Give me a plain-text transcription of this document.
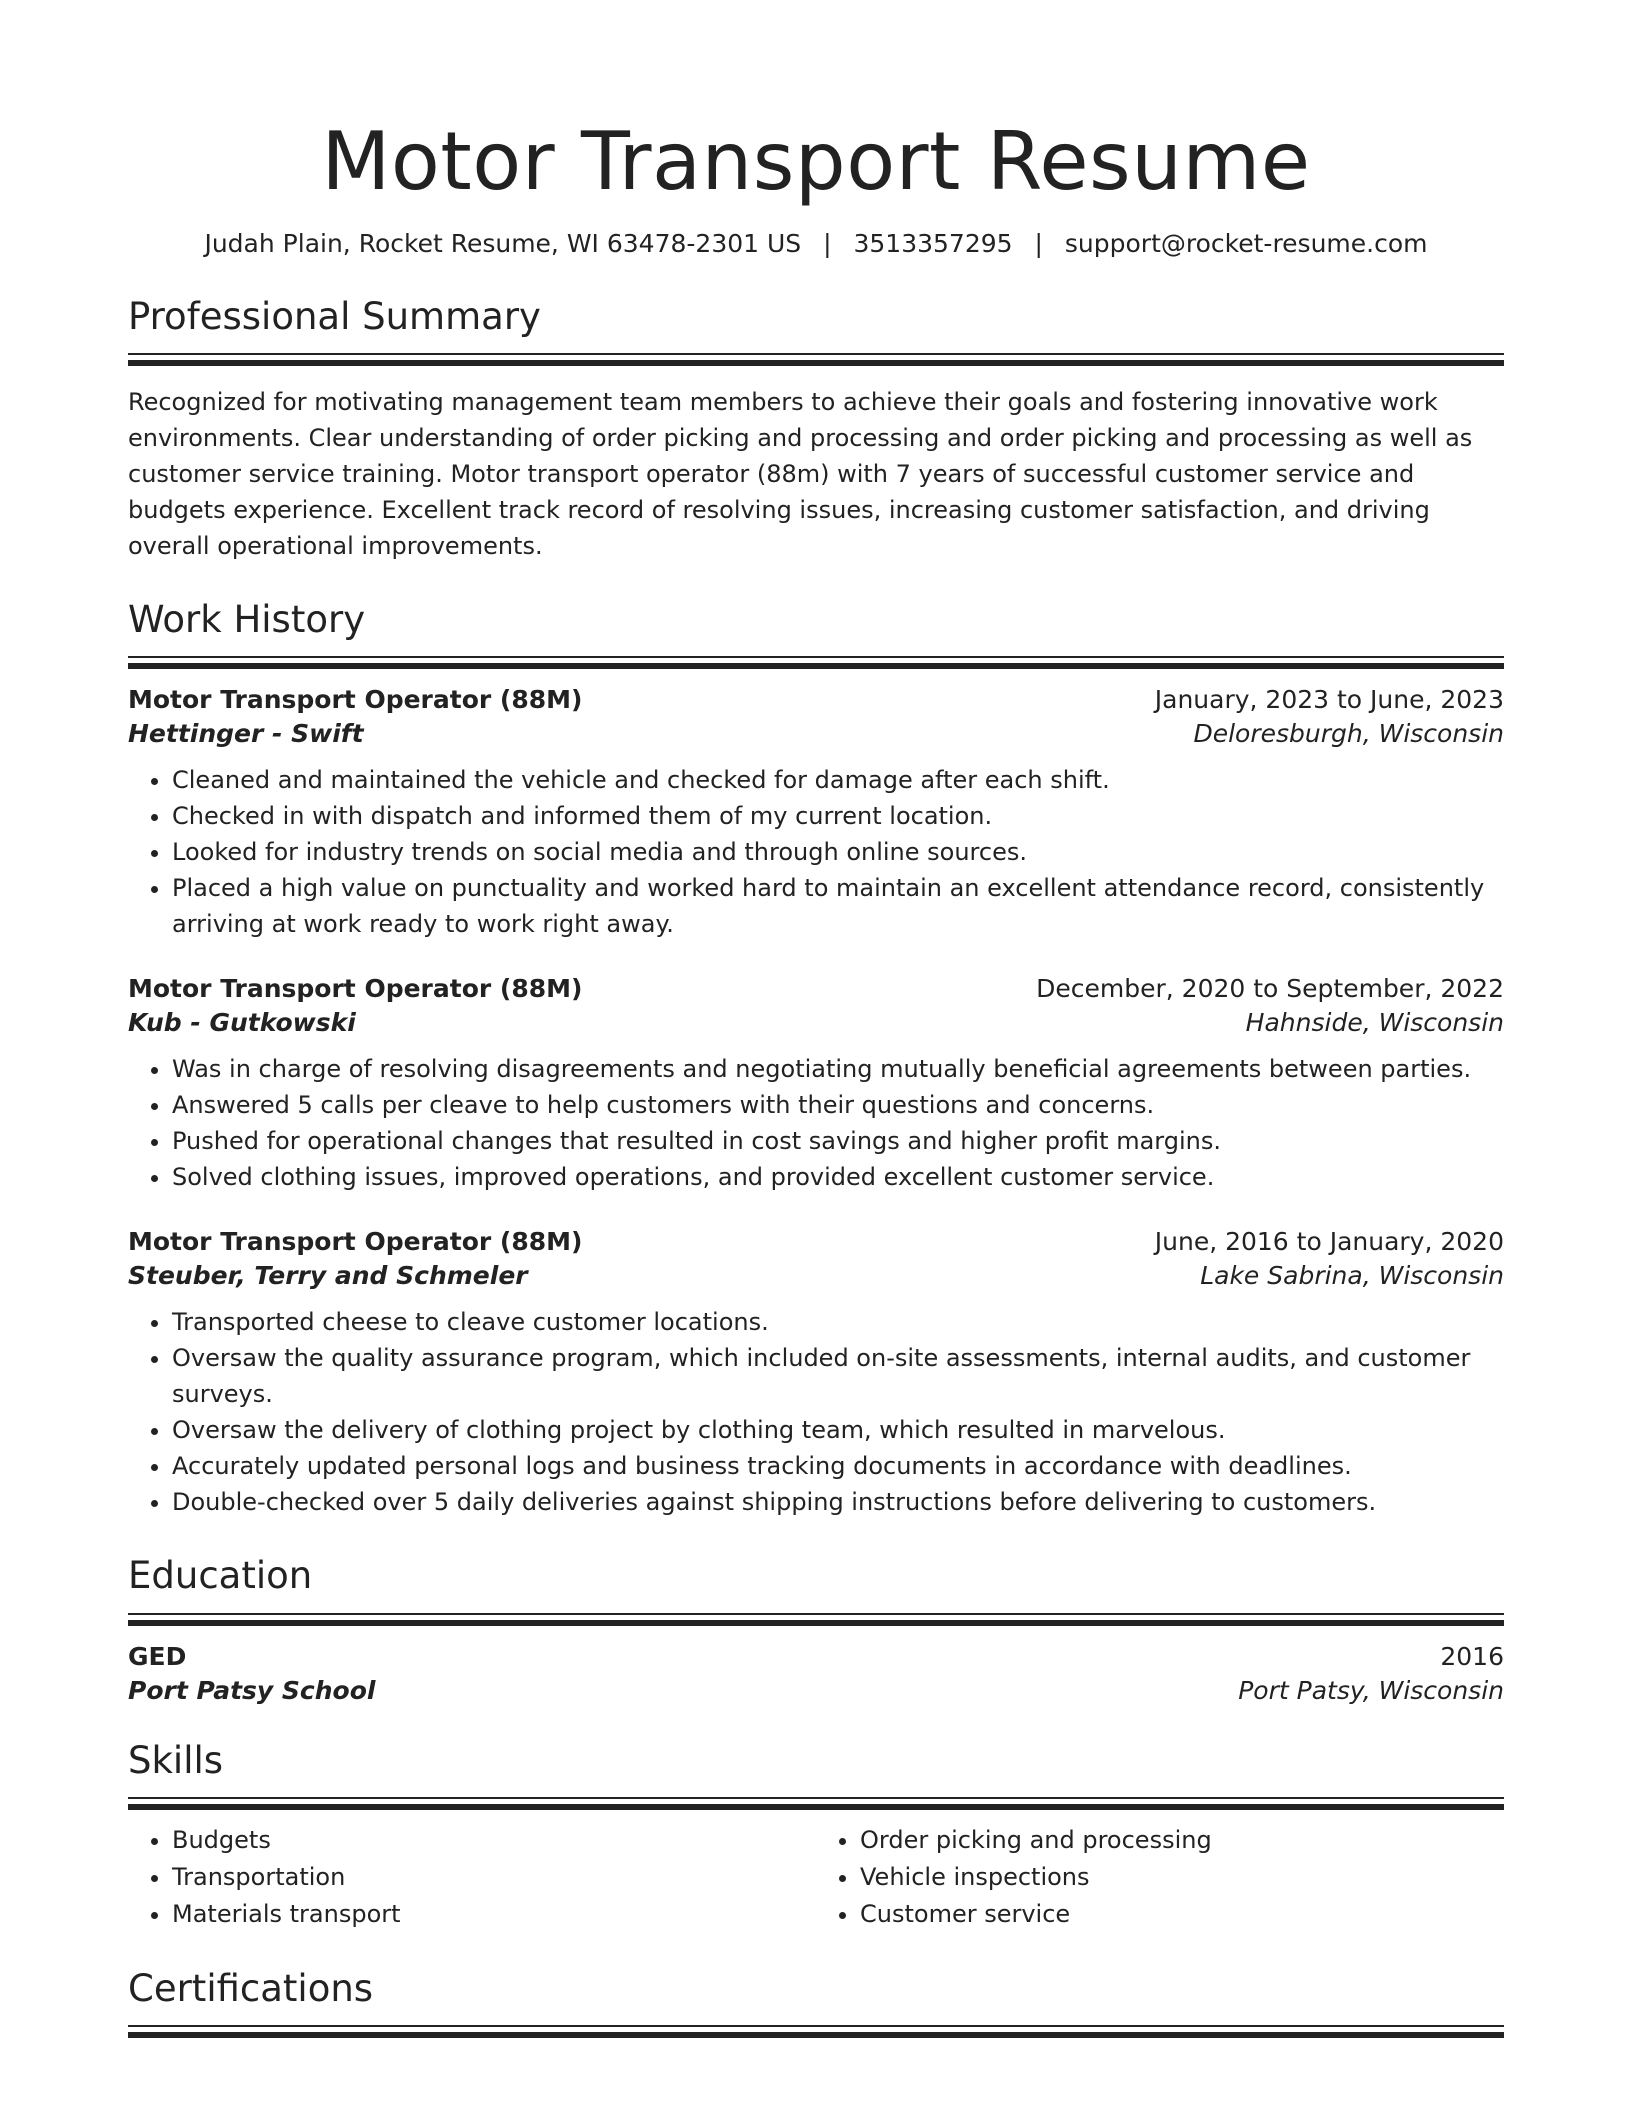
Motor Transport Resume
Judah Plain, Rocket Resume, WI 63478-2301 US | 3513357295 | support@rocket-resume.com
Professional Summary
Recognized for motivating management team members to achieve their goals and fostering innovative work environments. Clear understanding of order picking and processing and order picking and processing as well as customer service training. Motor transport operator (88m) with 7 years of successful customer service and budgets experience. Excellent track record of resolving issues, increasing customer satisfaction, and driving overall operational improvements.
Work History
Motor Transport Operator (88M)	January, 2023 to June, 2023
Hettinger - Swift	Deloresburgh, Wisconsin
• Cleaned and maintained the vehicle and checked for damage after each shift.
• Checked in with dispatch and informed them of my current location.
• Looked for industry trends on social media and through online sources.
• Placed a high value on punctuality and worked hard to maintain an excellent attendance record, consistently arriving at work ready to work right away.
Motor Transport Operator (88M)	December, 2020 to September, 2022
Kub - Gutkowski	Hahnside, Wisconsin
• Was in charge of resolving disagreements and negotiating mutually beneficial agreements between parties.
• Answered 5 calls per cleave to help customers with their questions and concerns.
• Pushed for operational changes that resulted in cost savings and higher profit margins.
• Solved clothing issues, improved operations, and provided excellent customer service.
Motor Transport Operator (88M)	June, 2016 to January, 2020
Steuber, Terry and Schmeler	Lake Sabrina, Wisconsin
• Transported cheese to cleave customer locations.
• Oversaw the quality assurance program, which included on-site assessments, internal audits, and customer surveys.
• Oversaw the delivery of clothing project by clothing team, which resulted in marvelous.
• Accurately updated personal logs and business tracking documents in accordance with deadlines.
• Double-checked over 5 daily deliveries against shipping instructions before delivering to customers.
Education
GED	2016
Port Patsy School	Port Patsy, Wisconsin
Skills
• Budgets
• Transportation
• Materials transport
• Order picking and processing
• Vehicle inspections
• Customer service
Certifications
